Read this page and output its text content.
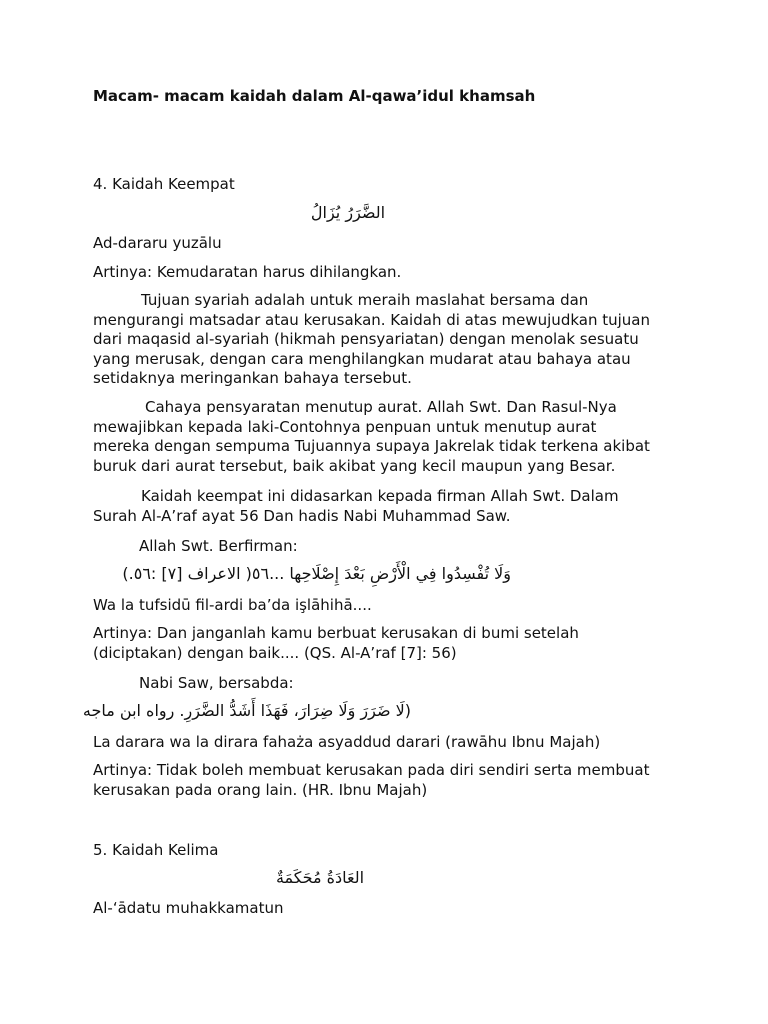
Macam- macam kaidah dalam Al-qawa’idul khamsah
4. Kaidah Keempat
الضَّرَرُ يُزَالُ
Ad-dararu yuzālu
Artinya: Kemudaratan harus dihilangkan.
Tujuan syariah adalah untuk meraih maslahat bersama dan
mengurangi matsadar atau kerusakan. Kaidah di atas mewujudkan tujuan
dari maqasid al-syariah (hikmah pensyariatan) dengan menolak sesuatu
yang merusak, dengan cara menghilangkan mudarat atau bahaya atau
setidaknya meringankan bahaya tersebut.
Cahaya pensyaratan menutup aurat. Allah Swt. Dan Rasul-Nya
mewajibkan kepada laki-Contohnya penpuan untuk menutup aurat
mereka dengan sempuma Tujuannya supaya Jakrelak tidak terkena akibat
buruk dari aurat tersebut, baik akibat yang kecil maupun yang Besar.
Kaidah keempat ini didasarkan kepada firman Allah Swt. Dalam
Surah Al-A’raf ayat 56 Dan hadis Nabi Muhammad Saw.
Allah Swt. Berfirman:
وَلَا تُفْسِدُوا فِي الْأَرْضِ بَعْدَ إِصْلَاحِها ...٥٦( الاعراف [٧] :٥٦.)
Wa la tufsidū fil-ardi ba’da işlāhihā....
Artinya: Dan janganlah kamu berbuat kerusakan di bumi setelah
(diciptakan) dengan baik.... (QS. Al-A’raf [7]: 56)
Nabi Saw, bersabda:
(لَا ضَرَرَ وَلَا ضِرَارَ، فَهَذَا أَشَدُّ الضَّرَرِ. رواه ابن ماجه
La darara wa la dirara fahaża asyaddud darari (rawāhu Ibnu Majah)
Artinya: Tidak boleh membuat kerusakan pada diri sendiri serta membuat
kerusakan pada orang lain. (HR. Ibnu Majah)
5. Kaidah Kelima
العَادَةُ مُحَكَمَةٌ
Al-‘ādatu muhakkamatun
